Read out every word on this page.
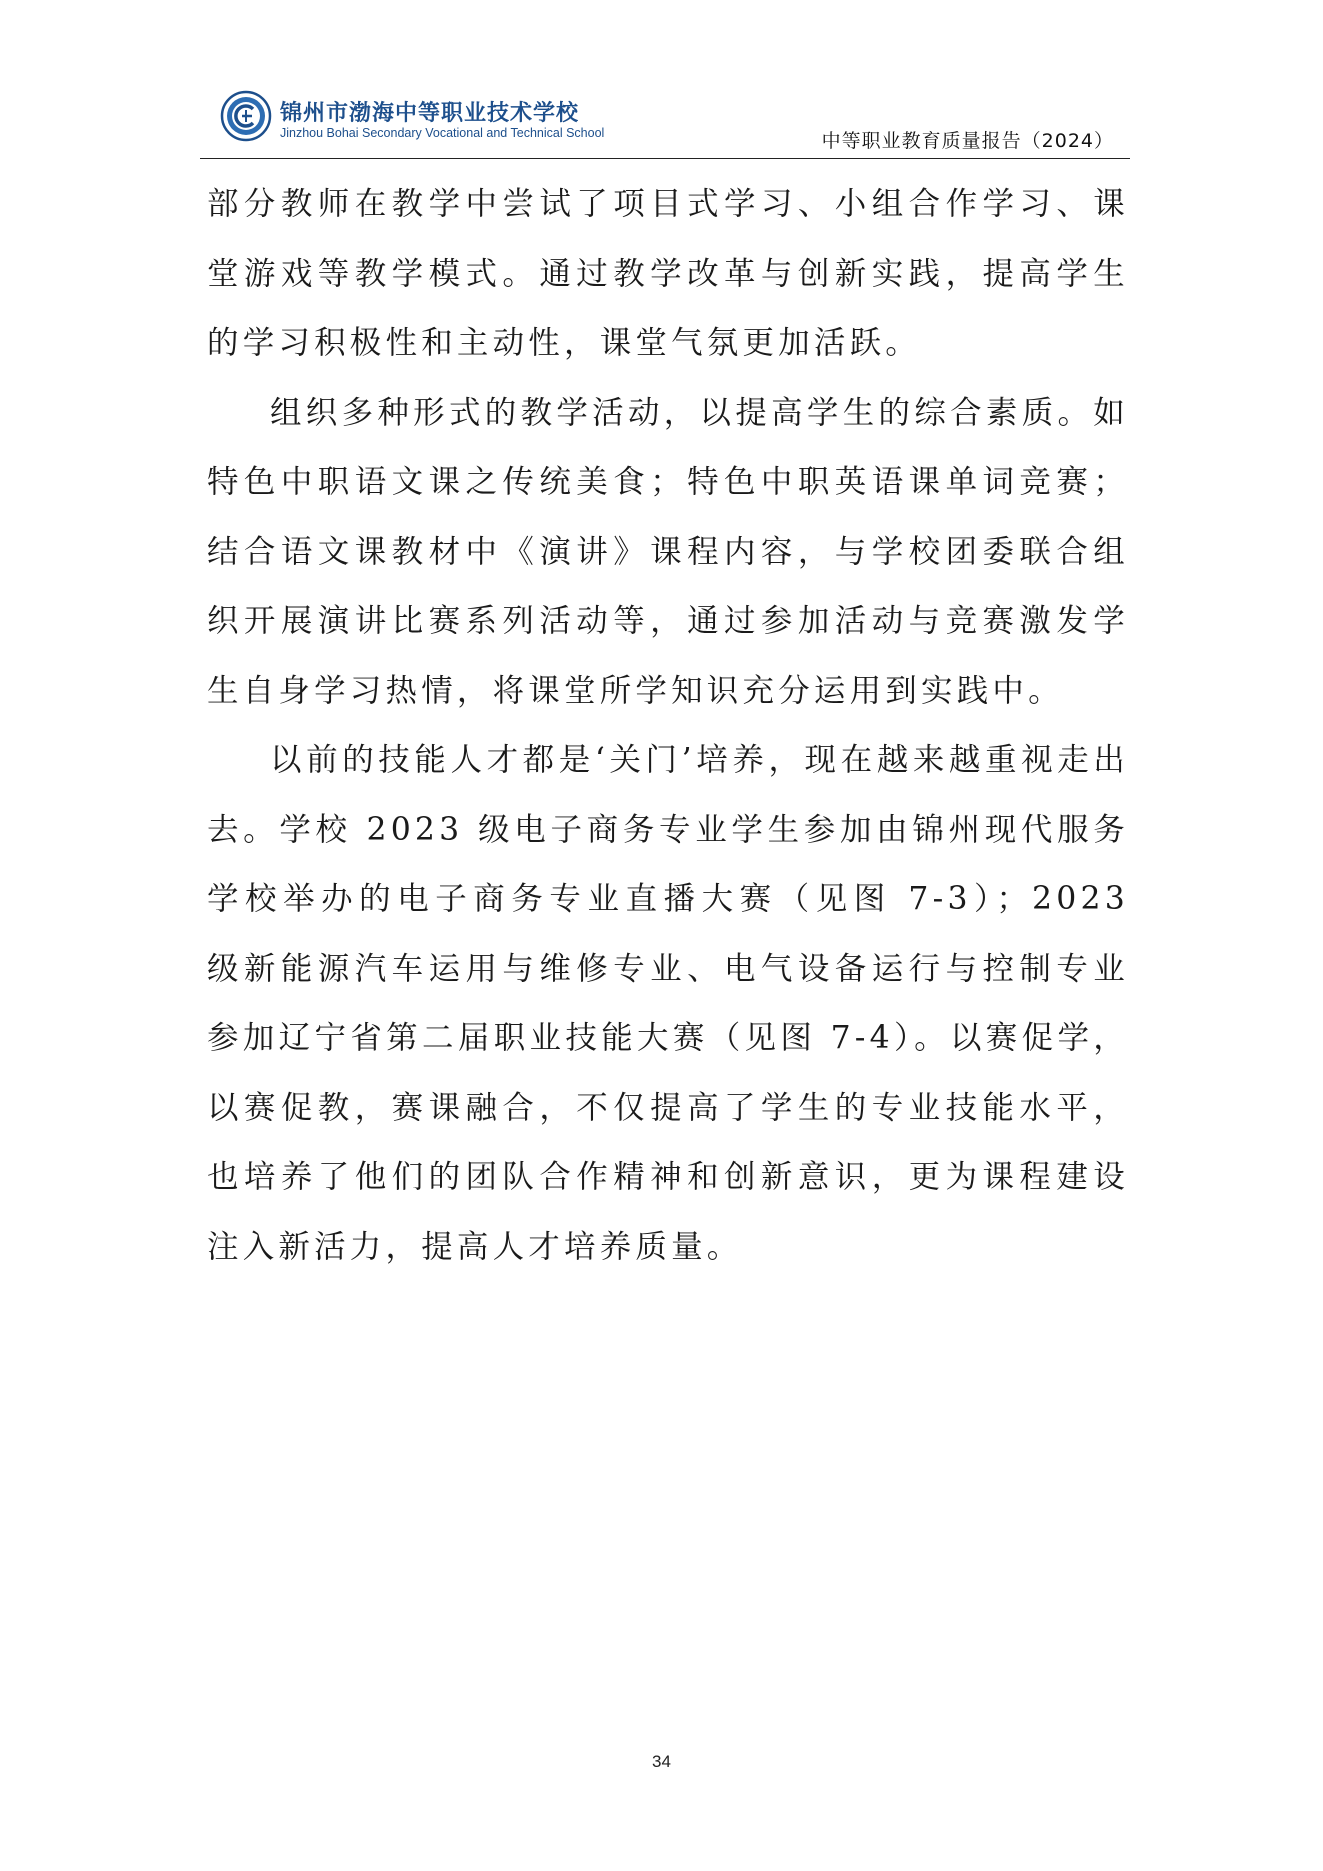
锦州市渤海中等职业技术学校
Jinzhou Bohai Secondary Vocational and Technical School	中等职业教育质量报告（2024）

部分教师在教学中尝试了项目式学习、小组合作学习、课堂游戏等教学模式。通过教学改革与创新实践，提高学生的学习积极性和主动性，课堂气氛更加活跃。

组织多种形式的教学活动，以提高学生的综合素质。如特色中职语文课之传统美食；特色中职英语课单词竞赛；结合语文课教材中《演讲》课程内容，与学校团委联合组织开展演讲比赛系列活动等，通过参加活动与竞赛激发学生自身学习热情，将课堂所学知识充分运用到实践中。

以前的技能人才都是‘关门’培养，现在越来越重视走出去。学校 2023 级电子商务专业学生参加由锦州现代服务学校举办的电子商务专业直播大赛（见图 7-3）；2023 级新能源汽车运用与维修专业、电气设备运行与控制专业参加辽宁省第二届职业技能大赛（见图 7-4）。以赛促学，以赛促教，赛课融合，不仅提高了学生的专业技能水平，也培养了他们的团队合作精神和创新意识，更为课程建设注入新活力，提高人才培养质量。

34
